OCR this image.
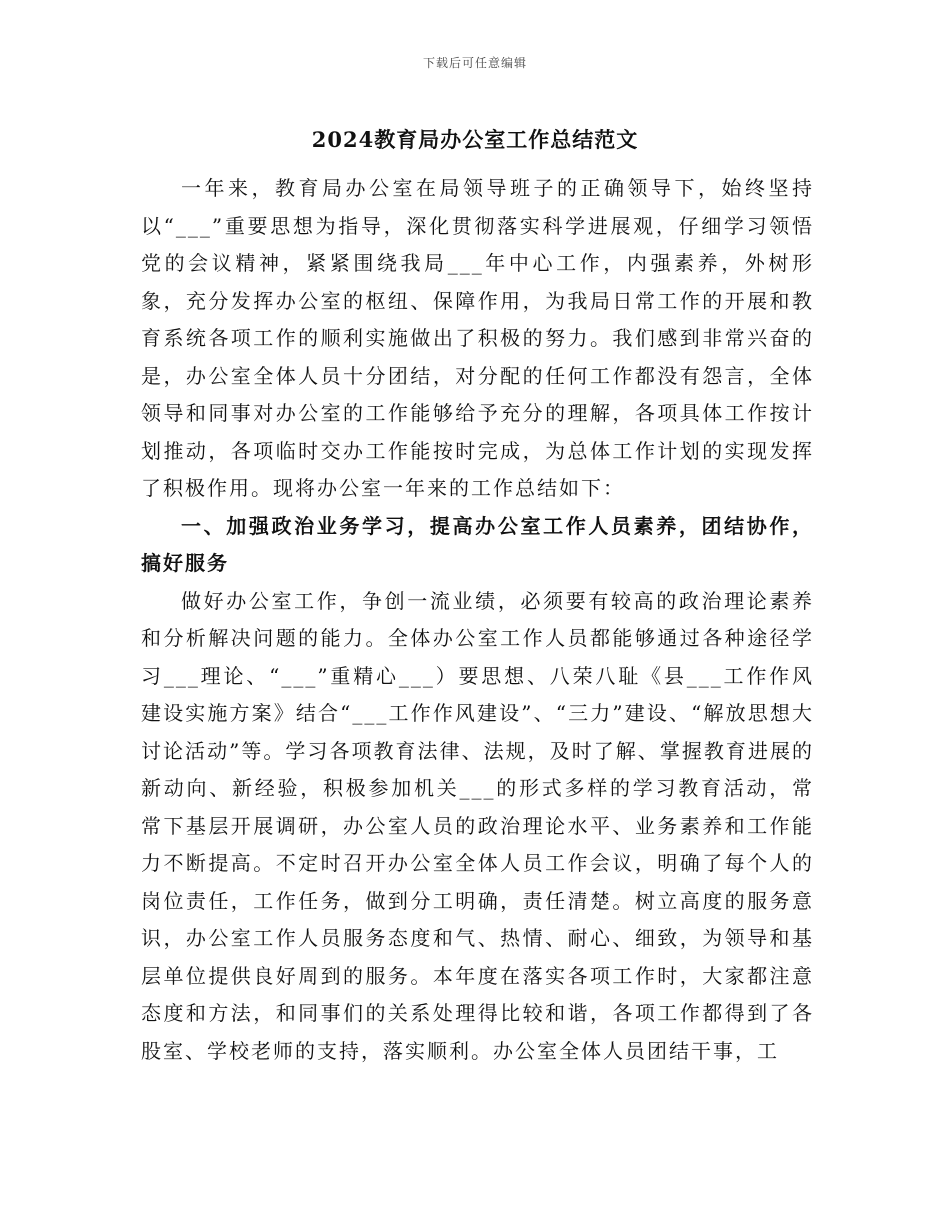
下载后可任意编辑
2024教育局办公室工作总结范文

一年来，教育局办公室在局领导班子的正确领导下，始终坚持以“___”重要思想为指导，深化贯彻落实科学进展观，仔细学习领悟党的会议精神，紧紧围绕我局___年中心工作，内强素养，外树形象，充分发挥办公室的枢纽、保障作用，为我局日常工作的开展和教育系统各项工作的顺利实施做出了积极的努力。我们感到非常兴奋的是，办公室全体人员十分团结，对分配的任何工作都没有怨言，全体领导和同事对办公室的工作能够给予充分的理解，各项具体工作按计划推动，各项临时交办工作能按时完成，为总体工作计划的实现发挥了积极作用。现将办公室一年来的工作总结如下：

一、加强政治业务学习，提高办公室工作人员素养，团结协作，搞好服务

做好办公室工作，争创一流业绩，必须要有较高的政治理论素养和分析解决问题的能力。全体办公室工作人员都能够通过各种途径学习___理论、“___”重精心___）要思想、八荣八耻《县___工作作风建设实施方案》结合“___工作作风建设”、“三力”建设、“解放思想大讨论活动”等。学习各项教育法律、法规，及时了解、掌握教育进展的新动向、新经验，积极参加机关___的形式多样的学习教育活动，常常下基层开展调研，办公室人员的政治理论水平、业务素养和工作能力不断提高。不定时召开办公室全体人员工作会议，明确了每个人的岗位责任，工作任务，做到分工明确，责任清楚。树立高度的服务意识，办公室工作人员服务态度和气、热情、耐心、细致，为领导和基层单位提供良好周到的服务。本年度在落实各项工作时，大家都注意态度和方法，和同事们的关系处理得比较和谐，各项工作都得到了各股室、学校老师的支持，落实顺利。办公室全体人员团结干事，工
